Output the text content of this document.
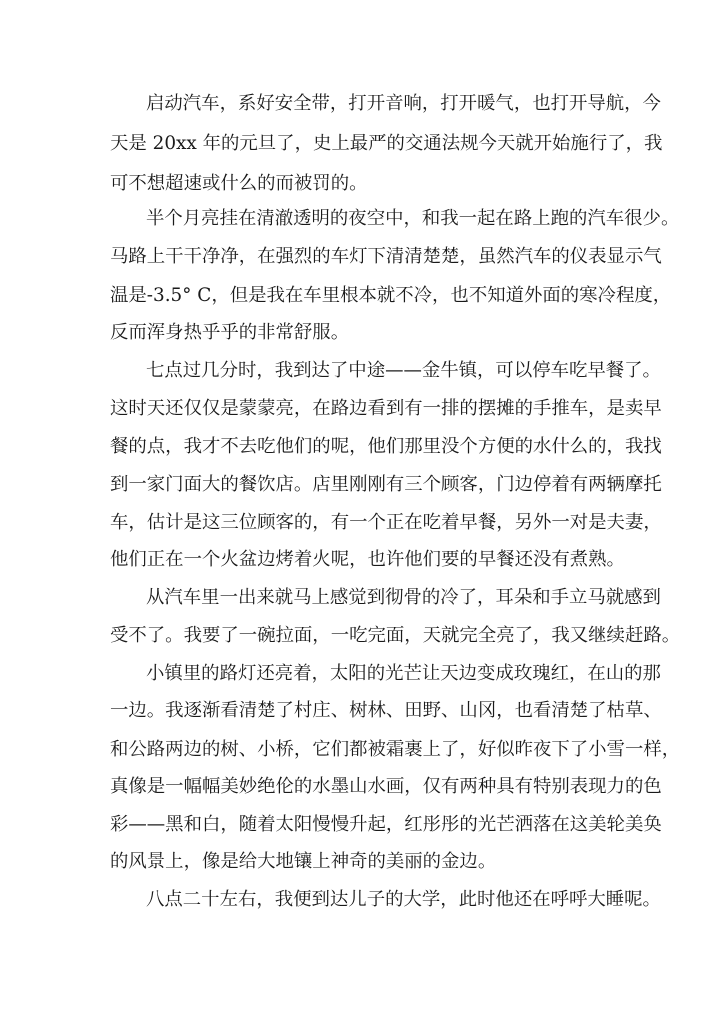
启动汽车，系好安全带，打开音响，打开暖气，也打开导航，今
天是 20xx 年的元旦了，史上最严的交通法规今天就开始施行了，我
可不想超速或什么的而被罚的。
半个月亮挂在清澈透明的夜空中，和我一起在路上跑的汽车很少。
马路上干干净净，在强烈的车灯下清清楚楚，虽然汽车的仪表显示气
温是-3.5° C，但是我在车里根本就不冷，也不知道外面的寒冷程度，
反而浑身热乎乎的非常舒服。
七点过几分时，我到达了中途——金牛镇，可以停车吃早餐了。
这时天还仅仅是蒙蒙亮，在路边看到有一排的摆摊的手推车，是卖早
餐的点，我才不去吃他们的呢，他们那里没个方便的水什么的，我找
到一家门面大的餐饮店。店里刚刚有三个顾客，门边停着有两辆摩托
车，估计是这三位顾客的，有一个正在吃着早餐，另外一对是夫妻，
他们正在一个火盆边烤着火呢，也许他们要的早餐还没有煮熟。
从汽车里一出来就马上感觉到彻骨的冷了，耳朵和手立马就感到
受不了。我要了一碗拉面，一吃完面，天就完全亮了，我又继续赶路。
小镇里的路灯还亮着，太阳的光芒让天边变成玫瑰红，在山的那
一边。我逐渐看清楚了村庄、树林、田野、山冈，也看清楚了枯草、
和公路两边的树、小桥，它们都被霜裹上了，好似昨夜下了小雪一样，
真像是一幅幅美妙绝伦的水墨山水画，仅有两种具有特别表现力的色
彩——黑和白，随着太阳慢慢升起，红彤彤的光芒洒落在这美轮美奂
的风景上，像是给大地镶上神奇的美丽的金边。
八点二十左右，我便到达儿子的大学，此时他还在呼呼大睡呢。
